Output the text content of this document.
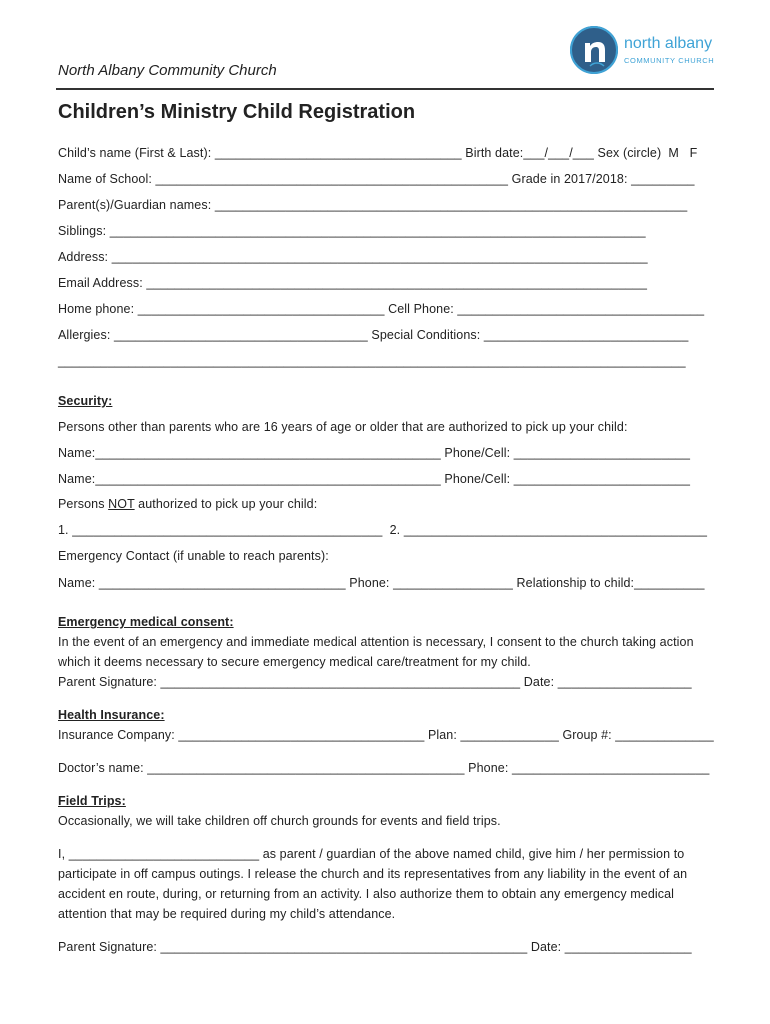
north albany
COMMUNITY CHURCH
North Albany Community Church
Children’s Ministry Child Registration
Child’s name (First & Last): ___________________________________ Birth date:___/___/___ Sex (circle)  M   F
Name of School: __________________________________________________ Grade in 2017/2018: _________
Parent(s)/Guardian names: ___________________________________________________________________
Siblings: ____________________________________________________________________________
Address: ____________________________________________________________________________
Email Address: _______________________________________________________________________
Home phone: ___________________________________ Cell Phone: ___________________________________
Allergies: ____________________________________ Special Conditions: _____________________________
_________________________________________________________________________________________
Security:
Persons other than parents who are 16 years of age or older that are authorized to pick up your child:
Name:_________________________________________________ Phone/Cell: _________________________
Name:_________________________________________________ Phone/Cell: _________________________
Persons NOT authorized to pick up your child:
1. ____________________________________________  2. ___________________________________________
Emergency Contact (if unable to reach parents):
Name: ___________________________________ Phone: _________________ Relationship to child:__________
Emergency medical consent:
In the event of an emergency and immediate medical attention is necessary, I consent to the church taking action
which it deems necessary to secure emergency medical care/treatment for my child.
Parent Signature: ___________________________________________________ Date: ___________________
Health Insurance:
Insurance Company: ___________________________________ Plan: ______________ Group #: ______________
Doctor’s name: _____________________________________________ Phone: ____________________________
Field Trips:
Occasionally, we will take children off church grounds for events and field trips.
I, ___________________________ as parent / guardian of the above named child, give him / her permission to
participate in off campus outings. I release the church and its representatives from any liability in the event of an
accident en route, during, or returning from an activity. I also authorize them to obtain any emergency medical
attention that may be required during my child’s attendance.
Parent Signature: ____________________________________________________ Date: __________________
